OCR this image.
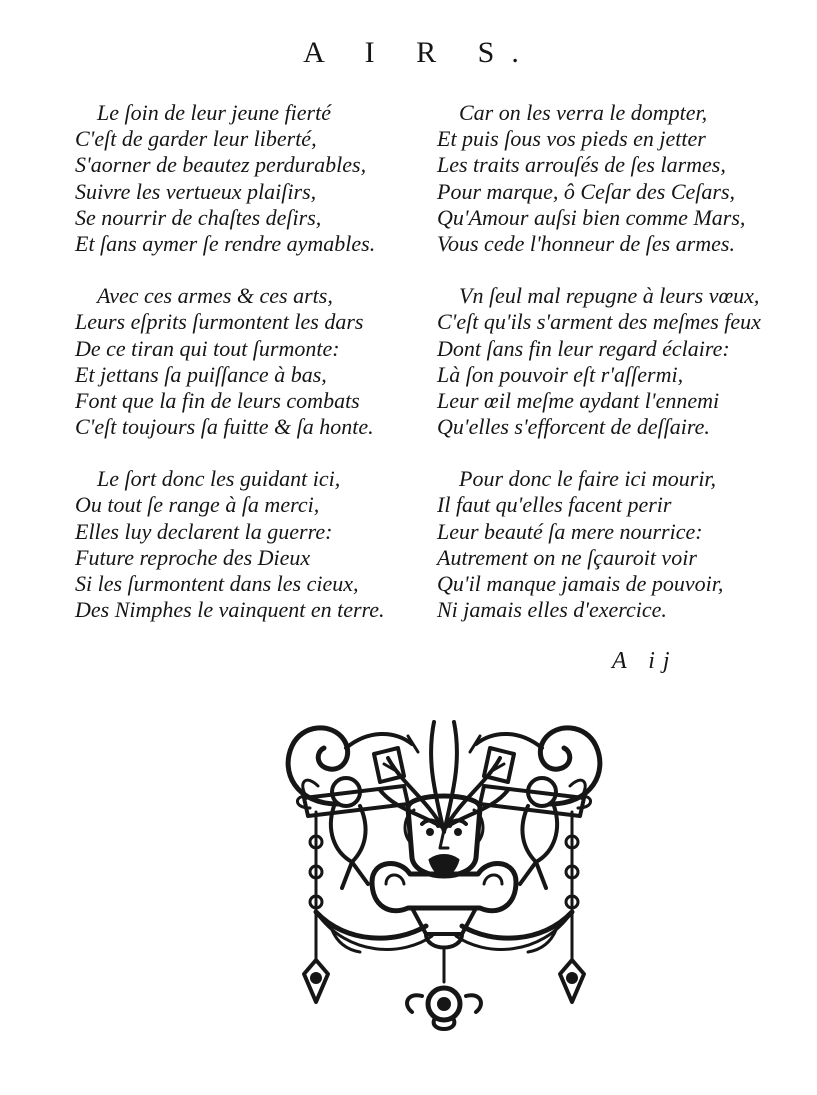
A I R S.
Le ſoin de leur jeune fierté
C'eſt de garder leur liberté,
S'aorner de beautez perdurables,
Suivre les vertueux plaiſirs,
Se nourrir de chaſtes deſirs,
Et ſans aymer ſe rendre aymables.
Avec ces armes & ces arts,
Leurs eſprits ſurmontent les dars
De ce tiran qui tout ſurmonte:
Et jettans ſa puiſſance à bas,
Font que la fin de leurs combats
C'eſt toujours ſa fuitte & ſa honte.
Le ſort donc les guidant ici,
Ou tout ſe range à ſa merci,
Elles luy declarent la guerre:
Future reproche des Dieux
Si les ſurmontent dans les cieux,
Des Nimphes le vainquent en terre.
Car on les verra le dompter,
Et puis ſous vos pieds en jetter
Les traits arrouſés de ſes larmes,
Pour marque, ô Ceſar des Ceſars,
Qu'Amour auſsi bien comme Mars,
Vous cede l'honneur de ſes armes.
Vn ſeul mal repugne à leurs vœux,
C'eſt qu'ils s'arment des meſmes feux
Dont ſans fin leur regard éclaire:
Là ſon pouvoir eſt r'aſſermi,
Leur œil meſme aydant l'ennemi
Qu'elles s'efforcent de deſſaire.
Pour donc le faire ici mourir,
Il faut qu'elles facent perir
Leur beauté ſa mere nourrice:
Autrement on ne ſçauroit voir
Qu'il manque jamais de pouvoir,
Ni jamais elles d'exercice.
A ij
